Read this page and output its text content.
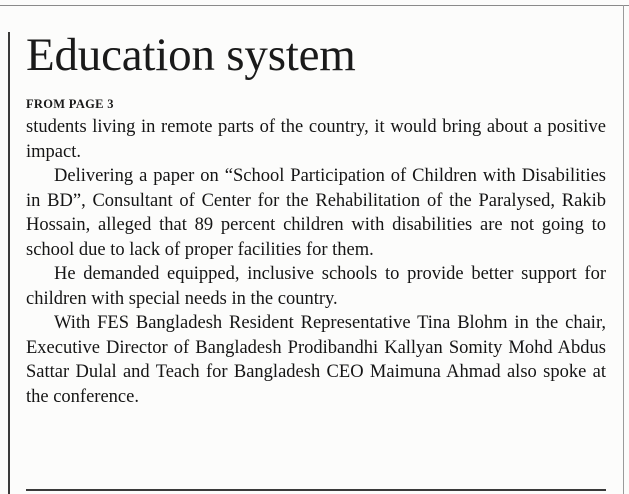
Education system
FROM PAGE 3

students living in remote parts of the country, it would bring about a positive impact.

Delivering a paper on “School Participation of Children with Disabilities in BD”, Consultant of Center for the Rehabilitation of the Paralysed, Rakib Hossain, alleged that 89 percent children with disabilities are not going to school due to lack of proper facilities for them.

He demanded equipped, inclusive schools to provide better support for children with special needs in the country.

With FES Bangladesh Resident Representative Tina Blohm in the chair, Executive Director of Bangladesh Prodibandhi Kallyan Somity Mohd Abdus Sattar Dulal and Teach for Bangladesh CEO Maimuna Ahmad also spoke at the conference.
